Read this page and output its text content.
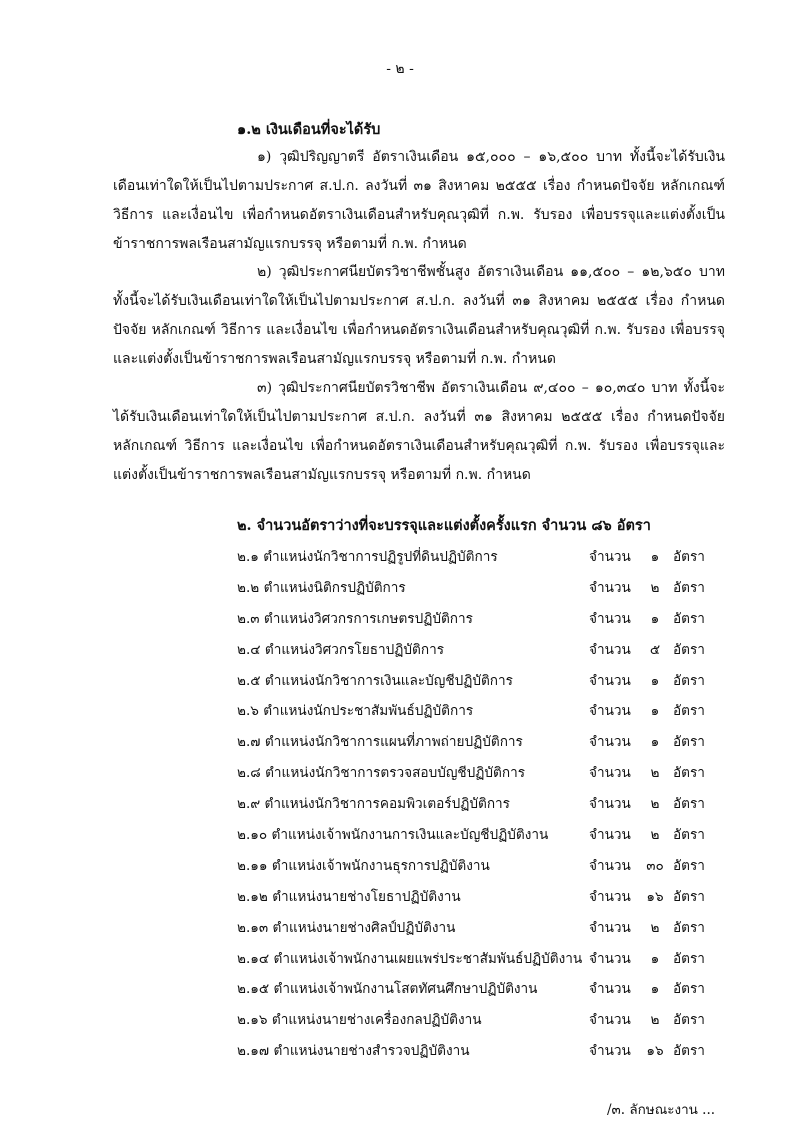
- ๒ -
๑.๒ เงินเดือนที่จะได้รับ
๑) วุฒิปริญญาตรี อัตราเงินเดือน ๑๕,๐๐๐ – ๑๖,๕๐๐ บาท ทั้งนี้จะได้รับเงินเดือนเท่าใดให้เป็นไปตามประกาศ ส.ป.ก. ลงวันที่ ๓๑ สิงหาคม ๒๕๕๕ เรื่อง กำหนดปัจจัย หลักเกณฑ์ วิธีการ และเงื่อนไข เพื่อกำหนดอัตราเงินเดือนสำหรับคุณวุฒิที่ ก.พ. รับรอง เพื่อบรรจุและแต่งตั้งเป็นข้าราชการพลเรือนสามัญแรกบรรจุ หรือตามที่ ก.พ. กำหนด
๒) วุฒิประกาศนียบัตรวิชาชีพชั้นสูง อัตราเงินเดือน ๑๑,๕๐๐ – ๑๒,๖๕๐ บาท ทั้งนี้จะได้รับเงินเดือนเท่าใดให้เป็นไปตามประกาศ ส.ป.ก. ลงวันที่ ๓๑ สิงหาคม ๒๕๕๕ เรื่อง กำหนดปัจจัย หลักเกณฑ์ วิธีการ และเงื่อนไข เพื่อกำหนดอัตราเงินเดือนสำหรับคุณวุฒิที่ ก.พ. รับรอง เพื่อบรรจุและแต่งตั้งเป็นข้าราชการพลเรือนสามัญแรกบรรจุ หรือตามที่ ก.พ. กำหนด
๓) วุฒิประกาศนียบัตรวิชาชีพ อัตราเงินเดือน ๙,๔๐๐ – ๑๐,๓๔๐ บาท ทั้งนี้จะได้รับเงินเดือนเท่าใดให้เป็นไปตามประกาศ ส.ป.ก. ลงวันที่ ๓๑ สิงหาคม ๒๕๕๕ เรื่อง กำหนดปัจจัย หลักเกณฑ์ วิธีการ และเงื่อนไข เพื่อกำหนดอัตราเงินเดือนสำหรับคุณวุฒิที่ ก.พ. รับรอง เพื่อบรรจุและแต่งตั้งเป็นข้าราชการพลเรือนสามัญแรกบรรจุ หรือตามที่ ก.พ. กำหนด
๒. จำนวนอัตราว่างที่จะบรรจุและแต่งตั้งครั้งแรก จำนวน ๘๖ อัตรา
๒.๑ ตำแหน่งนักวิชาการปฏิรูปที่ดินปฏิบัติการ	จำนวน	๑	อัตรา
๒.๒ ตำแหน่งนิติกรปฏิบัติการ	จำนวน	๒ อัตรา
๒.๓ ตำแหน่งวิศวกรการเกษตรปฏิบัติการ	จำนวน	๑	อัตรา
๒.๔ ตำแหน่งวิศวกรโยธาปฏิบัติการ	จำนวน	๕ อัตรา
๒.๕ ตำแหน่งนักวิชาการเงินและบัญชีปฏิบัติการ	จำนวน	๑	อัตรา
๒.๖ ตำแหน่งนักประชาสัมพันธ์ปฏิบัติการ	จำนวน	๑	อัตรา
๒.๗ ตำแหน่งนักวิชาการแผนที่ภาพถ่ายปฏิบัติการ	จำนวน	๑	อัตรา
๒.๘ ตำแหน่งนักวิชาการตรวจสอบบัญชีปฏิบัติการ	จำนวน	๒ อัตรา
๒.๙ ตำแหน่งนักวิชาการคอมพิวเตอร์ปฏิบัติการ	จำนวน	๒ อัตรา
๒.๑๐ ตำแหน่งเจ้าพนักงานการเงินและบัญชีปฏิบัติงาน	จำนวน	๒ อัตรา
๒.๑๑ ตำแหน่งเจ้าพนักงานธุรการปฏิบัติงาน	จำนวน	๓๐ อัตรา
๒.๑๒ ตำแหน่งนายช่างโยธาปฏิบัติงาน	จำนวน	๑๖ อัตรา
๒.๑๓ ตำแหน่งนายช่างศิลป์ปฏิบัติงาน	จำนวน	๒ อัตรา
๒.๑๔ ตำแหน่งเจ้าพนักงานเผยแพร่ประชาสัมพันธ์ปฏิบัติงาน จำนวน	๑	อัตรา
๒.๑๕ ตำแหน่งเจ้าพนักงานโสตทัศนศึกษาปฏิบัติงาน	จำนวน	๑	อัตรา
๒.๑๖ ตำแหน่งนายช่างเครื่องกลปฏิบัติงาน	จำนวน	๒ อัตรา
๒.๑๗ ตำแหน่งนายช่างสำรวจปฏิบัติงาน	จำนวน	๑๖ อัตรา
/๓. ลักษณะงาน ...
